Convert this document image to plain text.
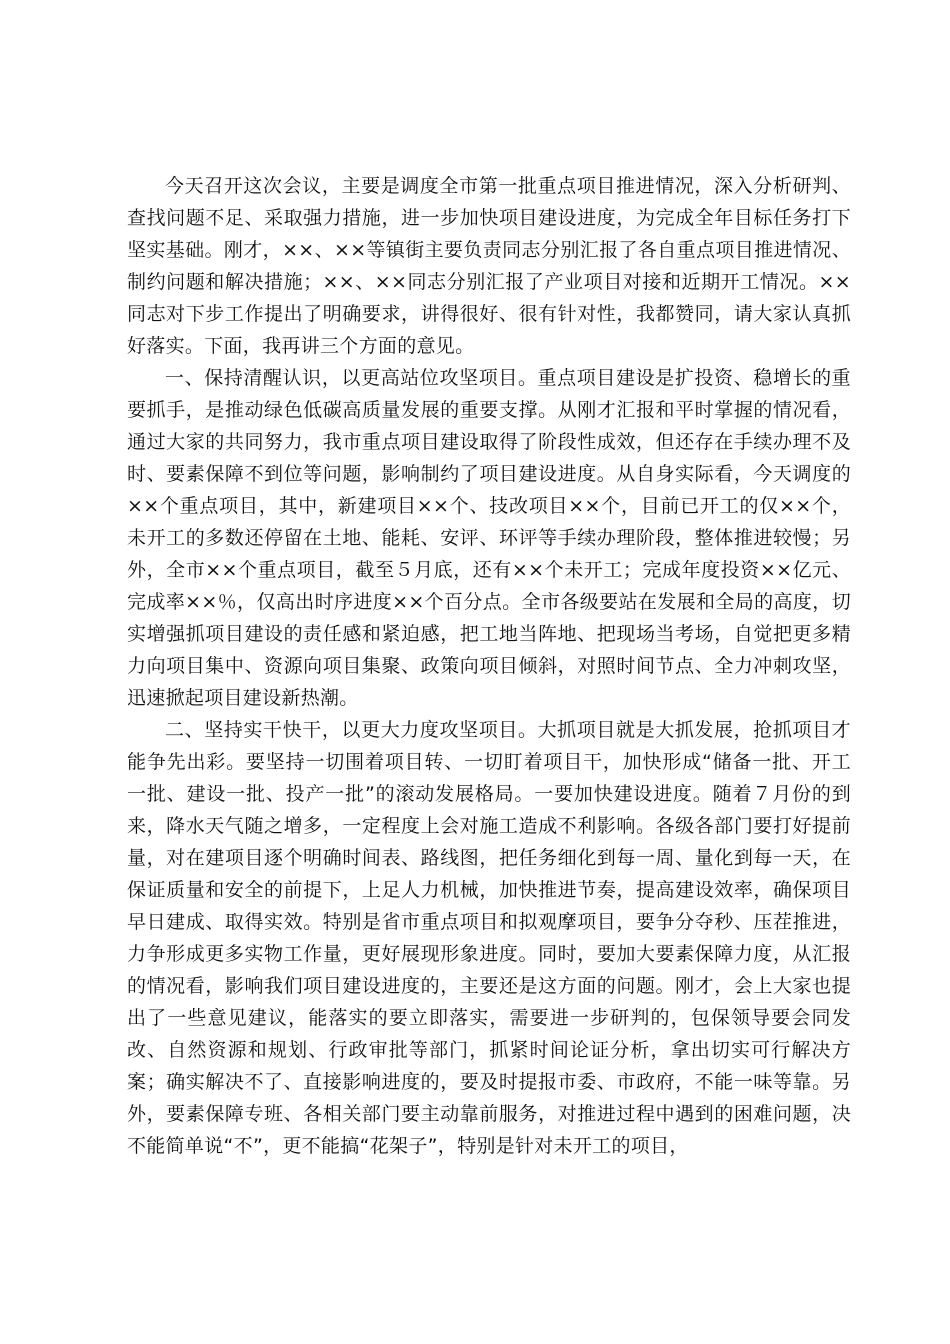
今天召开这次会议，主要是调度全市第一批重点项目推进情况，深入分析研判、查找问题不足、采取强力措施，进一步加快项目建设进度，为完成全年目标任务打下坚实基础。刚才，××、××等镇街主要负责同志分别汇报了各自重点项目推进情况、制约问题和解决措施；××、××同志分别汇报了产业项目对接和近期开工情况。××同志对下步工作提出了明确要求，讲得很好、很有针对性，我都赞同，请大家认真抓好落实。下面，我再讲三个方面的意见。

一、保持清醒认识，以更高站位攻坚项目。重点项目建设是扩投资、稳增长的重要抓手，是推动绿色低碳高质量发展的重要支撑。从刚才汇报和平时掌握的情况看，通过大家的共同努力，我市重点项目建设取得了阶段性成效，但还存在手续办理不及时、要素保障不到位等问题，影响制约了项目建设进度。从自身实际看，今天调度的××个重点项目，其中，新建项目××个、技改项目××个，目前已开工的仅××个，未开工的多数还停留在土地、能耗、安评、环评等手续办理阶段，整体推进较慢；另外，全市××个重点项目，截至５月底，还有××个未开工；完成年度投资××亿元、完成率××％，仅高出时序进度××个百分点。全市各级要站在发展和全局的高度，切实增强抓项目建设的责任感和紧迫感，把工地当阵地、把现场当考场，自觉把更多精力向项目集中、资源向项目集聚、政策向项目倾斜，对照时间节点、全力冲刺攻坚，迅速掀起项目建设新热潮。

二、坚持实干快干，以更大力度攻坚项目。大抓项目就是大抓发展，抢抓项目才能争先出彩。要坚持一切围着项目转、一切盯着项目干，加快形成“储备一批、开工一批、建设一批、投产一批”的滚动发展格局。一要加快建设进度。随着７月份的到来，降水天气随之增多，一定程度上会对施工造成不利影响。各级各部门要打好提前量，对在建项目逐个明确时间表、路线图，把任务细化到每一周、量化到每一天，在保证质量和安全的前提下，上足人力机械，加快推进节奏，提高建设效率，确保项目早日建成、取得实效。特别是省市重点项目和拟观摩项目，要争分夺秒、压茬推进，力争形成更多实物工作量，更好展现形象进度。同时，要加大要素保障力度，从汇报的情况看，影响我们项目建设进度的，主要还是这方面的问题。刚才，会上大家也提出了一些意见建议，能落实的要立即落实，需要进一步研判的，包保领导要会同发改、自然资源和规划、行政审批等部门，抓紧时间论证分析，拿出切实可行解决方案；确实解决不了、直接影响进度的，要及时提报市委、市政府，不能一味等靠。另外，要素保障专班、各相关部门要主动靠前服务，对推进过程中遇到的困难问题，决不能简单说“不”，更不能搞“花架子”，特别是针对未开工的项目，
